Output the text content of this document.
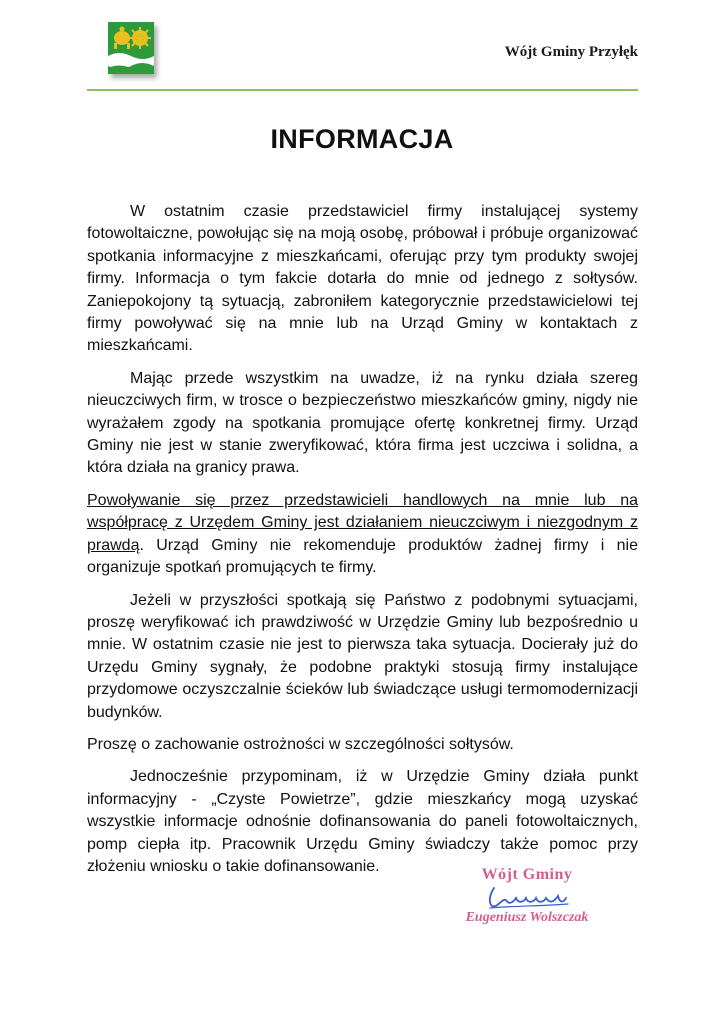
Wójt Gminy Przyłęk
INFORMACJA

W ostatnim czasie przedstawiciel firmy instalującej systemy fotowoltaiczne, powołując się na moją osobę, próbował i próbuje organizować spotkania informacyjne z mieszkańcami, oferując przy tym produkty swojej firmy. Informacja o tym fakcie dotarła do mnie od jednego z sołtysów. Zaniepokojony tą sytuacją, zabroniłem kategorycznie przedstawicielowi tej firmy powoływać się na mnie lub na Urząd Gminy w kontaktach z mieszkańcami.

Mając przede wszystkim na uwadze, iż na rynku działa szereg nieuczciwych firm, w trosce o bezpieczeństwo mieszkańców gminy, nigdy nie wyrażałem zgody na spotkania promujące ofertę konkretnej firmy. Urząd Gminy nie jest w stanie zweryfikować, która firma jest uczciwa i solidna, a która działa na granicy prawa.

Powoływanie się przez przedstawicieli handlowych na mnie lub na współpracę z Urzędem Gminy jest działaniem nieuczciwym i niezgodnym z prawdą. Urząd Gminy nie rekomenduje produktów żadnej firmy i nie organizuje spotkań promujących te firmy.

Jeżeli w przyszłości spotkają się Państwo z podobnymi sytuacjami, proszę weryfikować ich prawdziwość w Urzędzie Gminy lub bezpośrednio u mnie. W ostatnim czasie nie jest to pierwsza taka sytuacja. Docierały już do Urzędu Gminy sygnały, że podobne praktyki stosują firmy instalujące przydomowe oczyszczalnie ścieków lub świadczące usługi termomodernizacji budynków.

Proszę o zachowanie ostrożności w szczególności sołtysów.

Jednocześnie przypominam, iż w Urzędzie Gminy działa punkt informacyjny - „Czyste Powietrze”, gdzie mieszkańcy mogą uzyskać wszystkie informacje odnośnie dofinansowania do paneli fotowoltaicznych, pomp ciepła itp. Pracownik Urzędu Gminy świadczy także pomoc przy złożeniu wniosku o takie dofinansowanie.	Wójt Gminy
Eugeniusz Wolszczak
